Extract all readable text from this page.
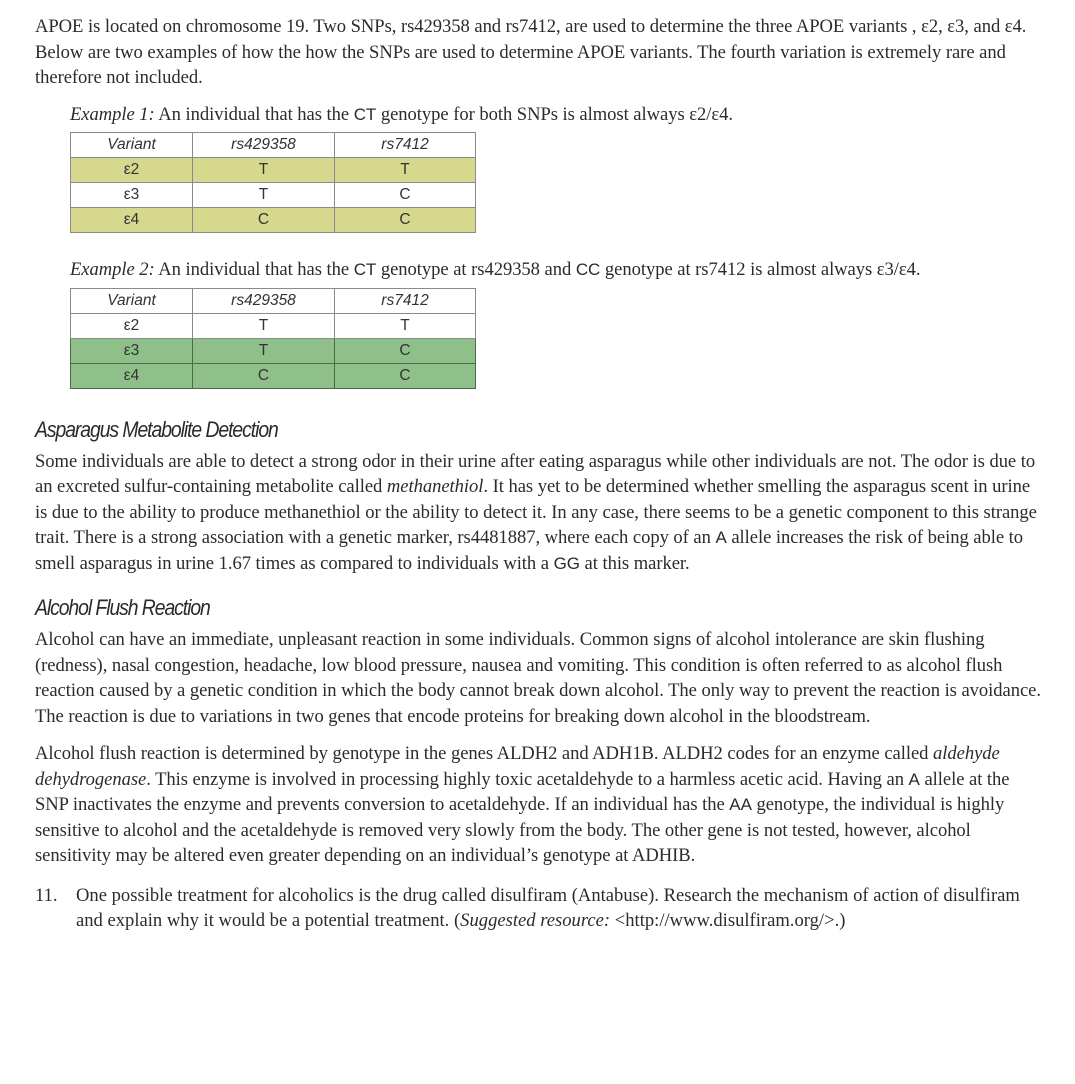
APOE is located on chromosome 19. Two SNPs, rs429358 and rs7412, are used to determine the three APOE variants , ε2, ε3, and ε4. Below are two examples of how the how the SNPs are used to determine APOE variants. The fourth variation is extremely rare and therefore not included.

Example 1: An individual that has the CT genotype for both SNPs is almost always ε2/ε4.

Variant	rs429358	rs7412
ε2	T	T
ε3	T	C
ε4	C	C

Example 2: An individual that has the CT genotype at rs429358 and CC genotype at rs7412 is almost always ε3/ε4.

Variant	rs429358	rs7412
ε2	T	T
ε3	T	C
ε4	C	C
Asparagus Metabolite Detection

Some individuals are able to detect a strong odor in their urine after eating asparagus while other individuals are not. The odor is due to an excreted sulfur-containing metabolite called methanethiol. It has yet to be determined whether smelling the asparagus scent in urine is due to the ability to produce methanethiol or the ability to detect it. In any case, there seems to be a genetic component to this strange trait. There is a strong association with a genetic marker, rs4481887, where each copy of an A allele increases the risk of being able to smell asparagus in urine 1.67 times as compared to individuals with a GG at this marker.

Alcohol Flush Reaction

Alcohol can have an immediate, unpleasant reaction in some individuals. Common signs of alcohol intolerance are skin flushing (redness), nasal congestion, headache, low blood pressure, nausea and vomiting. This condition is often referred to as alcohol flush reaction caused by a genetic condition in which the body cannot break down alcohol. The only way to prevent the reaction is avoidance. The reaction is due to variations in two genes that encode proteins for breaking down alcohol in the bloodstream.

Alcohol flush reaction is determined by genotype in the genes ALDH2 and ADH1B. ALDH2 codes for an enzyme called aldehyde dehydrogenase. This enzyme is involved in processing highly toxic acetaldehyde to a harmless acetic acid. Having an A allele at the SNP inactivates the enzyme and prevents conversion to acetaldehyde. If an individual has the AA genotype, the individual is highly sensitive to alcohol and the acetaldehyde is removed very slowly from the body. The other gene is not tested, however, alcohol sensitivity may be altered even greater depending on an individual’s genotype at ADHIB.

11. One possible treatment for alcoholics is the drug called disulfiram (Antabuse). Research the mechanism of action of disulfiram and explain why it would be a potential treatment. (Suggested resource: <http://www.disulfiram.org/>.)
